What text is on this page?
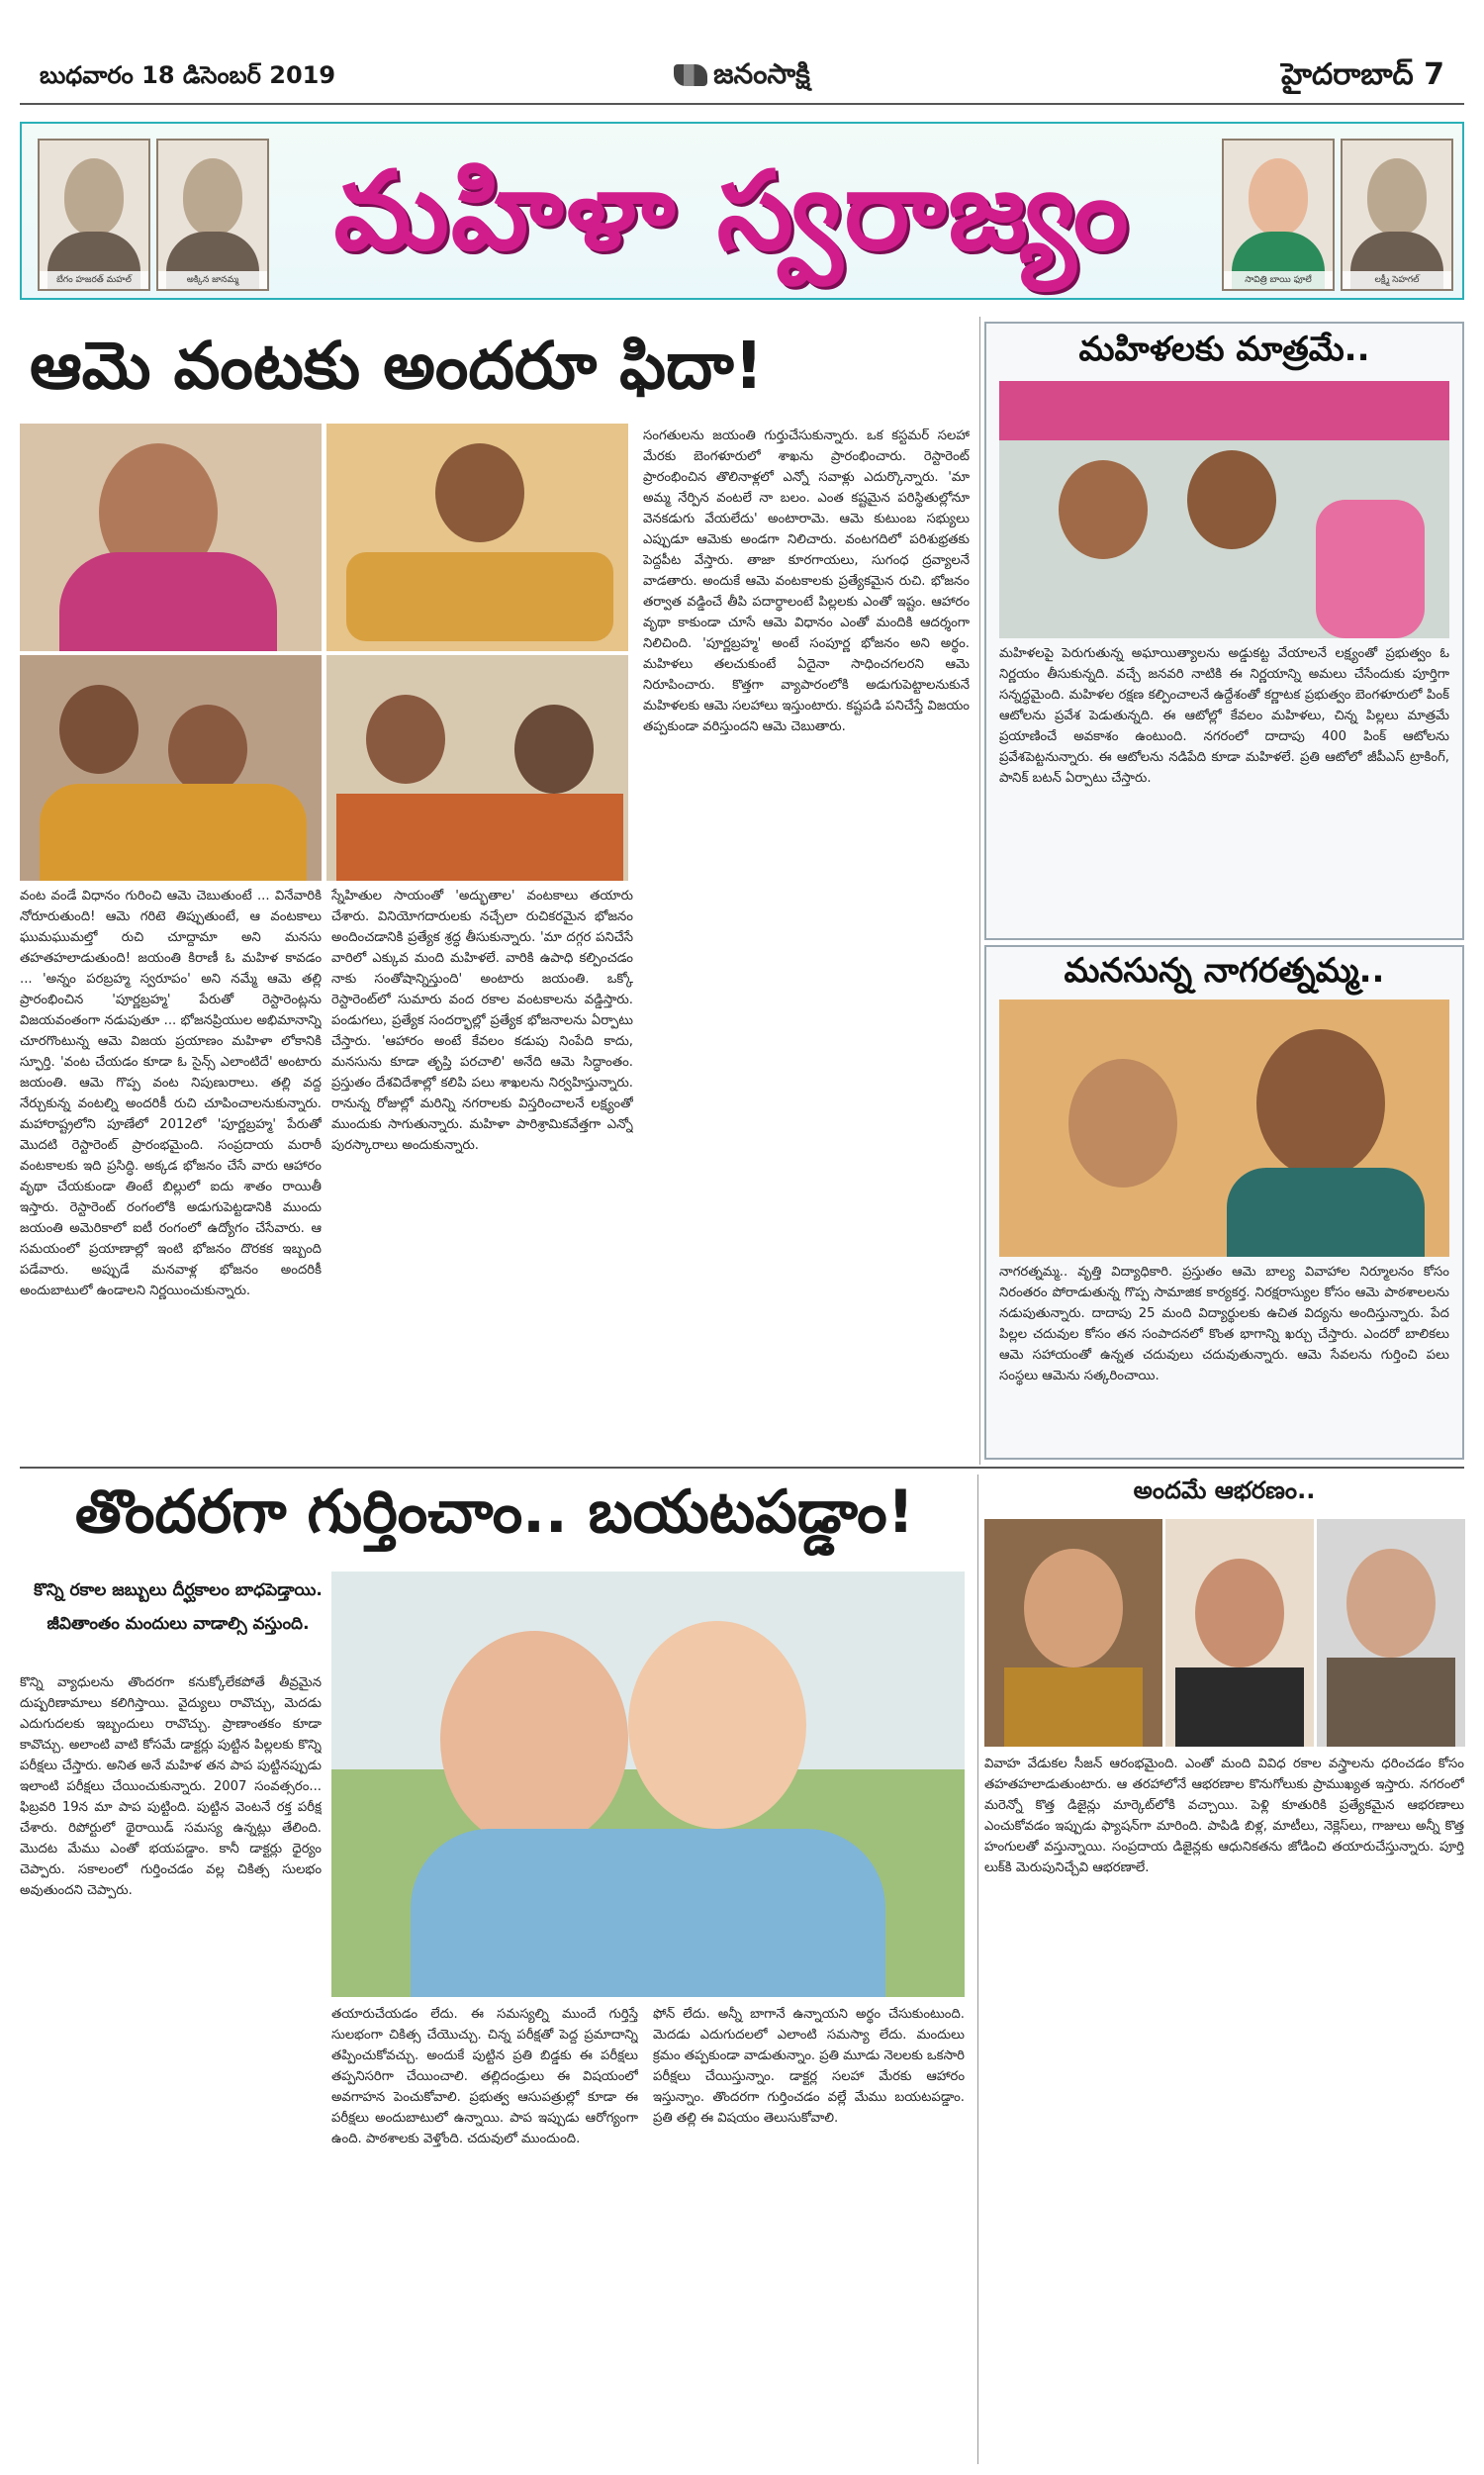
బుధవారం 18 డిసెంబర్ 2019	జనంసాక్షి	హైదరాబాద్ 7
బేగం హజరత్ మహల్	అక్కిన జానమ్మ
మహిళా స్వరాజ్యం
సావిత్రి బాయి ఫూలే	లక్ష్మీ సెహగల్
ఆమె వంటకు అందరూ ఫిదా!
వంట వండే విధానం గురించి ఆమె చెబుతుంటే ... వినేవారికి నోరూరుతుంది! ఆమె గరిటె తిప్పుతుంటే, ఆ వంటకాలు ఘుమఘుమల్తో రుచి చూద్దామా అని మనసు తహతహలాడుతుంది! జయంతి కిరాణీ ఓ మహిళ కావడం ... 'అన్నం పరబ్రహ్మ స్వరూపం' అని నమ్మే ఆమె తల్లి ప్రారంభించిన 'పూర్ణబ్రహ్మ' పేరుతో రెస్టారెంట్లను విజయవంతంగా నడుపుతూ ... భోజనప్రియుల అభిమానాన్ని చూరగొంటున్న ఆమె విజయ ప్రయాణం మహిళా లోకానికి స్ఫూర్తి. 'వంట చేయడం కూడా ఓ సైన్స్ ఎలాంటిదే' అంటారు జయంతి. ఆమె గొప్ప వంట నిపుణురాలు. తల్లి వద్ద నేర్చుకున్న వంటల్ని అందరికీ రుచి చూపించాలనుకున్నారు. మహారాష్ట్రలోని పూణేలో 2012లో 'పూర్ణబ్రహ్మ' పేరుతో మొదటి రెస్టారెంట్ ప్రారంభమైంది. సంప్రదాయ మరాఠీ వంటకాలకు ఇది ప్రసిద్ధి. అక్కడ భోజనం చేసే వారు ఆహారం వృథా చేయకుండా తింటే బిల్లులో ఐదు శాతం రాయితీ ఇస్తారు. రెస్టారెంట్ రంగంలోకి అడుగుపెట్టడానికి ముందు జయంతి అమెరికాలో ఐటీ రంగంలో ఉద్యోగం చేసేవారు. ఆ సమయంలో ప్రయాణాల్లో ఇంటి భోజనం దొరకక ఇబ్బంది పడేవారు. అప్పుడే మనవాళ్ల భోజనం అందరికీ అందుబాటులో ఉండాలని నిర్ణయించుకున్నారు.
స్నేహితుల సాయంతో 'అద్భుతాల' వంటకాలు తయారు చేశారు. వినియోగదారులకు నచ్చేలా రుచికరమైన భోజనం అందించడానికి ప్రత్యేక శ్రద్ధ తీసుకున్నారు. 'మా దగ్గర పనిచేసే వారిలో ఎక్కువ మంది మహిళలే. వారికి ఉపాధి కల్పించడం నాకు సంతోషాన్నిస్తుంది' అంటారు జయంతి. ఒక్కో రెస్టారెంట్‌లో సుమారు వంద రకాల వంటకాలను వడ్డిస్తారు. పండుగలు, ప్రత్యేక సందర్భాల్లో ప్రత్యేక భోజనాలను ఏర్పాటు చేస్తారు. 'ఆహారం అంటే కేవలం కడుపు నింపేది కాదు, మనసును కూడా తృప్తి పరచాలి' అనేది ఆమె సిద్ధాంతం. ప్రస్తుతం దేశవిదేశాల్లో కలిపి పలు శాఖలను నిర్వహిస్తున్నారు. రానున్న రోజుల్లో మరిన్ని నగరాలకు విస్తరించాలనే లక్ష్యంతో ముందుకు సాగుతున్నారు. మహిళా పారిశ్రామికవేత్తగా ఎన్నో పురస్కారాలు అందుకున్నారు.
సంగతులను జయంతి గుర్తుచేసుకున్నారు. ఒక కస్టమర్ సలహా మేరకు బెంగళూరులో శాఖను ప్రారంభించారు. రెస్టారెంట్ ప్రారంభించిన తొలినాళ్లలో ఎన్నో సవాళ్లు ఎదుర్కొన్నారు. 'మా అమ్మ నేర్పిన వంటలే నా బలం. ఎంత కష్టమైన పరిస్థితుల్లోనూ వెనకడుగు వేయలేదు' అంటారామె. ఆమె కుటుంబ సభ్యులు ఎప్పుడూ ఆమెకు అండగా నిలిచారు. వంటగదిలో పరిశుభ్రతకు పెద్దపీట వేస్తారు. తాజా కూరగాయలు, సుగంధ ద్రవ్యాలనే వాడతారు. అందుకే ఆమె వంటకాలకు ప్రత్యేకమైన రుచి. భోజనం తర్వాత వడ్డించే తీపి పదార్థాలంటే పిల్లలకు ఎంతో ఇష్టం. ఆహారం వృథా కాకుండా చూసే ఆమె విధానం ఎంతో మందికి ఆదర్శంగా నిలిచింది. 'పూర్ణబ్రహ్మ' అంటే సంపూర్ణ భోజనం అని అర్థం. మహిళలు తలచుకుంటే ఏదైనా సాధించగలరని ఆమె నిరూపించారు. కొత్తగా వ్యాపారంలోకి అడుగుపెట్టాలనుకునే మహిళలకు ఆమె సలహాలు ఇస్తుంటారు. కష్టపడి పనిచేస్తే విజయం తప్పకుండా వరిస్తుందని ఆమె చెబుతారు.
మహిళలకు మాత్రమే..
మహిళలపై పెరుగుతున్న అఘాయిత్యాలను అడ్డుకట్ట వేయాలనే లక్ష్యంతో ప్రభుత్వం ఓ నిర్ణయం తీసుకున్నది. వచ్చే జనవరి నాటికి ఈ నిర్ణయాన్ని అమలు చేసేందుకు పూర్తిగా సన్నద్ధమైంది. మహిళల రక్షణ కల్పించాలనే ఉద్దేశంతో కర్ణాటక ప్రభుత్వం బెంగళూరులో పింక్ ఆటోలను ప్రవేశ పెడుతున్నది. ఈ ఆటోల్లో కేవలం మహిళలు, చిన్న పిల్లలు మాత్రమే ప్రయాణించే అవకాశం ఉంటుంది. నగరంలో దాదాపు 400 పింక్ ఆటోలను ప్రవేశపెట్టనున్నారు. ఈ ఆటోలను నడిపేది కూడా మహిళలే. ప్రతి ఆటోలో జీపీఎస్ ట్రాకింగ్, పానిక్ బటన్ ఏర్పాటు చేస్తారు.
మనసున్న నాగరత్నమ్మ..
నాగరత్నమ్మ.. వృత్తి విద్యాధికారి. ప్రస్తుతం ఆమె బాల్య వివాహాల నిర్మూలనం కోసం నిరంతరం పోరాడుతున్న గొప్ప సామాజిక కార్యకర్త. నిరక్షరాస్యుల కోసం ఆమె పాఠశాలలను నడుపుతున్నారు. దాదాపు 25 మంది విద్యార్థులకు ఉచిత విద్యను అందిస్తున్నారు. పేద పిల్లల చదువుల కోసం తన సంపాదనలో కొంత భాగాన్ని ఖర్చు చేస్తారు. ఎందరో బాలికలు ఆమె సహాయంతో ఉన్నత చదువులు చదువుతున్నారు. ఆమె సేవలను గుర్తించి పలు సంస్థలు ఆమెను సత్కరించాయి.
తొందరగా గుర్తించాం.. బయటపడ్డాం!
కొన్ని రకాల జబ్బులు దీర్ఘకాలం బాధపెడ్తాయి. జీవితాంతం మందులు వాడాల్సి వస్తుంది.
కొన్ని వ్యాధులను తొందరగా కనుక్కోలేకపోతే తీవ్రమైన దుష్పరిణామాలు కలిగిస్తాయి. వైద్యులు రావొచ్చు, మెదడు ఎదుగుదలకు ఇబ్బందులు రావొచ్చు. ప్రాణాంతకం కూడా కావొచ్చు. అలాంటి వాటి కోసమే డాక్టర్లు పుట్టిన పిల్లలకు కొన్ని పరీక్షలు చేస్తారు. అనిత అనే మహిళ తన పాప పుట్టినప్పుడు ఇలాంటి పరీక్షలు చేయించుకున్నారు. 2007 సంవత్సరం... ఫిబ్రవరి 19న మా పాప పుట్టింది. పుట్టిన వెంటనే రక్త పరీక్ష చేశారు. రిపోర్టులో థైరాయిడ్ సమస్య ఉన్నట్లు తేలింది. మొదట మేము ఎంతో భయపడ్డాం. కానీ డాక్టర్లు ధైర్యం చెప్పారు. సకాలంలో గుర్తించడం వల్ల చికిత్స సులభం అవుతుందని చెప్పారు.
తయారుచేయడం లేదు. ఈ సమస్యల్ని ముందే గుర్తిస్తే సులభంగా చికిత్స చేయొచ్చు. చిన్న పరీక్షతో పెద్ద ప్రమాదాన్ని తప్పించుకోవచ్చు. అందుకే పుట్టిన ప్రతి బిడ్డకు ఈ పరీక్షలు తప్పనిసరిగా చేయించాలి. తల్లిదండ్రులు ఈ విషయంలో అవగాహన పెంచుకోవాలి. ప్రభుత్వ ఆసుపత్రుల్లో కూడా ఈ పరీక్షలు అందుబాటులో ఉన్నాయి. పాప ఇప్పుడు ఆరోగ్యంగా ఉంది. పాఠశాలకు వెళ్తోంది. చదువులో ముందుంది.
ఫోన్ లేదు. అన్నీ బాగానే ఉన్నాయని అర్థం చేసుకుంటుంది. మెదడు ఎదుగుదలలో ఎలాంటి సమస్యా లేదు. మందులు క్రమం తప్పకుండా వాడుతున్నాం. ప్రతి మూడు నెలలకు ఒకసారి పరీక్షలు చేయిస్తున్నాం. డాక్టర్ల సలహా మేరకు ఆహారం ఇస్తున్నాం. తొందరగా గుర్తించడం వల్లే మేము బయటపడ్డాం. ప్రతి తల్లి ఈ విషయం తెలుసుకోవాలి.
అందమే ఆభరణం..
వివాహ వేడుకల సీజన్ ఆరంభమైంది. ఎంతో మంది వివిధ రకాల వస్త్రాలను ధరించడం కోసం తహతహలాడుతుంటారు. ఆ తరహాలోనే ఆభరణాల కొనుగోలుకు ప్రాముఖ్యత ఇస్తారు. నగరంలో మరెన్నో కొత్త డిజైన్లు మార్కెట్‌లోకి వచ్చాయి. పెళ్లి కూతురికి ప్రత్యేకమైన ఆభరణాలు ఎంచుకోవడం ఇప్పుడు ఫ్యాషన్‌గా మారింది. పాపిడి బిళ్ల, మాటీలు, నెక్లెస్‌లు, గాజులు అన్నీ కొత్త హంగులతో వస్తున్నాయి. సంప్రదాయ డిజైన్లకు ఆధునికతను జోడించి తయారుచేస్తున్నారు. పూర్తి లుక్‌కి మెరుపునిచ్చేవి ఆభరణాలే.
